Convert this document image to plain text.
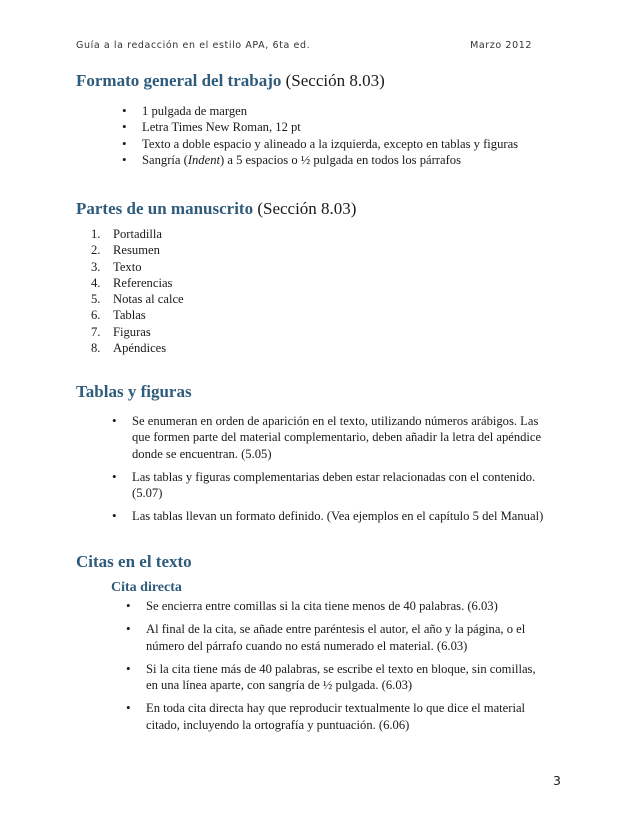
Guía a la redacción en el estilo APA, 6ta ed.	Marzo 2012
Formato general del trabajo (Sección 8.03)
• 1 pulgada de margen
• Letra Times New Roman, 12 pt
• Texto a doble espacio y alineado a la izquierda, excepto en tablas y figuras
• Sangría (Indent) a 5 espacios o ½ pulgada en todos los párrafos
Partes de un manuscrito (Sección 8.03)
1. Portadilla
2. Resumen
3. Texto
4. Referencias
5. Notas al calce
6. Tablas
7. Figuras
8. Apéndices
Tablas y figuras
• Se enumeran en orden de aparición en el texto, utilizando números arábigos. Las que formen parte del material complementario, deben añadir la letra del apéndice donde se encuentran. (5.05)
• Las tablas y figuras complementarias deben estar relacionadas con el contenido. (5.07)
• Las tablas llevan un formato definido. (Vea ejemplos en el capítulo 5 del Manual)
Citas en el texto
Cita directa
• Se encierra entre comillas si la cita tiene menos de 40 palabras. (6.03)
• Al final de la cita, se añade entre paréntesis el autor, el año y la página, o el número del párrafo cuando no está numerado el material. (6.03)
• Si la cita tiene más de 40 palabras, se escribe el texto en bloque, sin comillas, en una línea aparte, con sangría de ½ pulgada. (6.03)
• En toda cita directa hay que reproducir textualmente lo que dice el material citado, incluyendo la ortografía y puntuación. (6.06)
3
